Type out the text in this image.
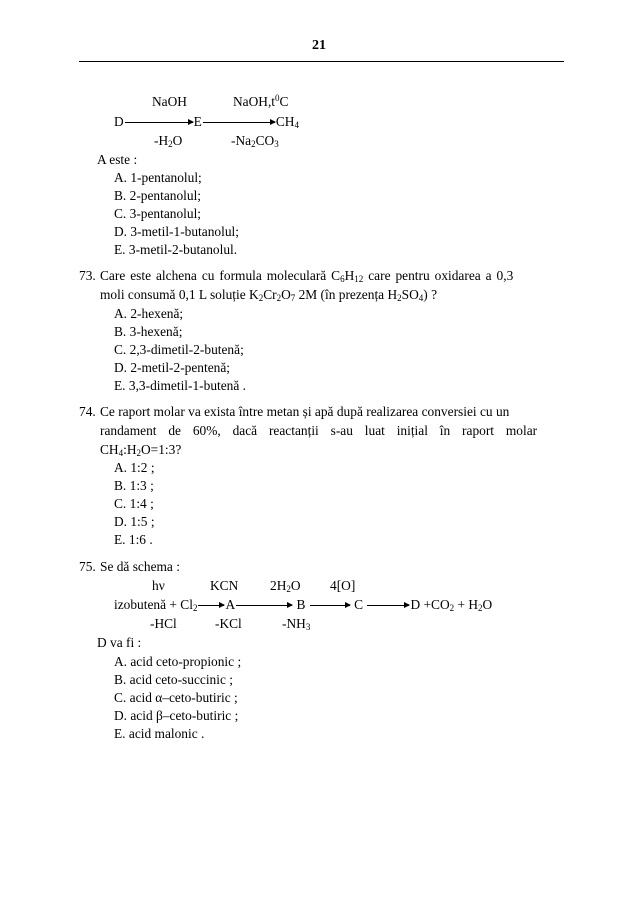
21
NaOH	$NaOH,t^0C$
D	E	$CH_4$
$-H_2O$	$-Na_2CO_3$
A este :
A. 1-pentanolul;
B. 2-pentanolul;
C. 3-pentanolul;
D. 3-metil-1-butanolul;
E. 3-metil-2-butanolul.
73. Care este alchena cu formula moleculară $C_6H_{12}$ care pentru oxidarea a 0,3
moli consumă 0,1 L soluție $K_2Cr_2O_7$ 2M (în prezența $H_2SO_4$) ?
A. 2-hexenă;
B. 3-hexenă;
C. 2,3-dimetil-2-butenă;
D. 2-metil-2-pentenă;
E. 3,3-dimetil-1-butenă .
74. Ce raport molar va exista între metan și apă după realizarea conversiei cu un
randament de 60%, dacă reactanții s-au luat inițial în raport molar
$CH_4:H_2O=1:3$?
A. 1:2 ;
B. 1:3 ;
C. 1:4 ;
D. 1:5 ;
E. 1:6 .
75. Se dă schema :
hν	KCN $2H_2O$ 4[O]
izobutenă + $Cl_2$ A	B	C	$D +CO_2 + H_2O$
-HCl	-KCl	$-NH_3$
D va fi :
A. acid ceto-propionic ;
B. acid ceto-succinic ;
C. acid α–ceto-butiric ;
D. acid β–ceto-butiric ;
E. acid malonic .
